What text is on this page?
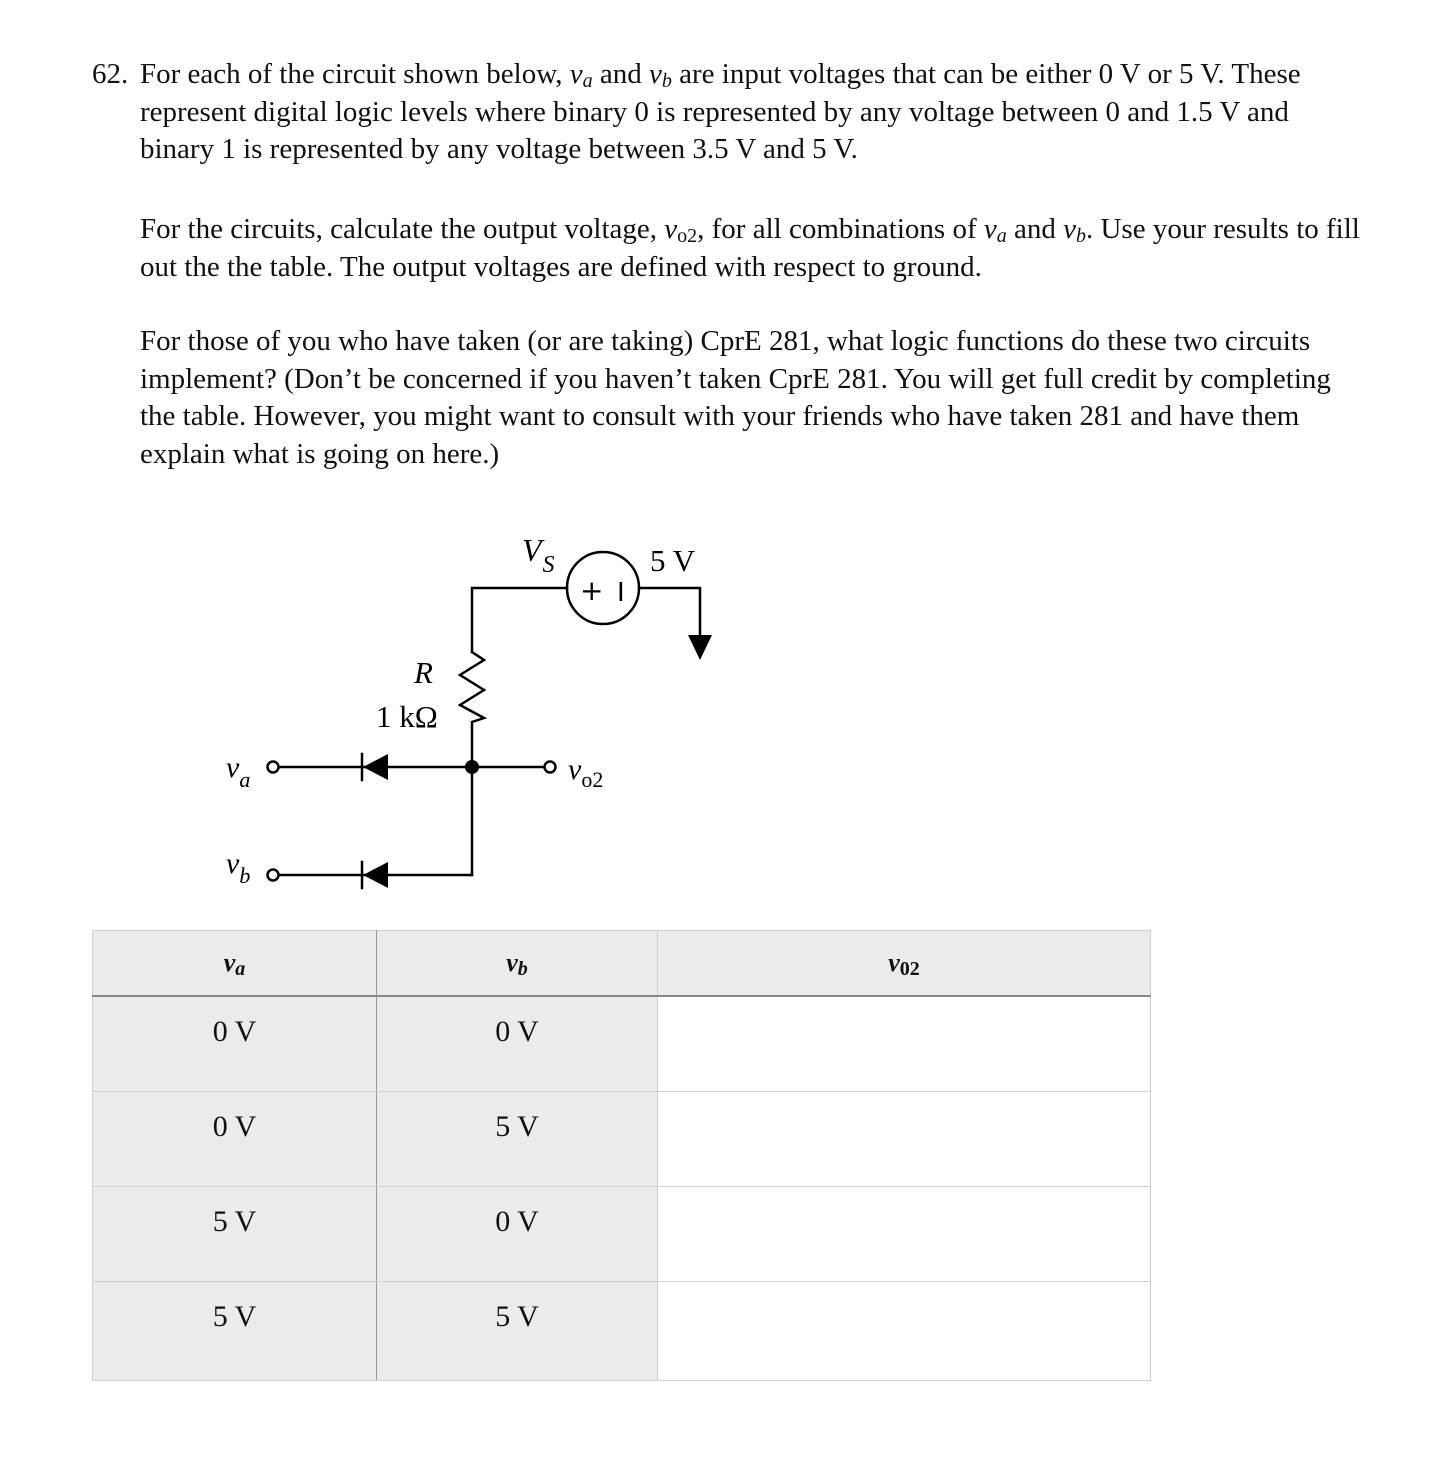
62. For each of the circuit shown below, $v_a$ and $v_b$ are input voltages that can be either 0 V or 5 V. These represent digital logic levels where binary 0 is represented by any voltage between 0 and 1.5 V and binary 1 is represented by any voltage between 3.5 V and 5 V.
For the circuits, calculate the output voltage, $v_{o2}$, for all combinations of $v_a$ and $v_b$. Use your results to fill out the the table. The output voltages are defined with respect to ground.
For those of you who have taken (or are taking) CprE 281, what logic functions do these two circuits implement? (Don’t be concerned if you haven’t taken CprE 281. You will get full credit by completing the table. However, you might want to consult with your friends who have taken 281 and have them explain what is going on here.)
+ I
$V_S$	5 V
R
1 kΩ
$v_a$
$v_b$
$v_{o2}$
$v_a$	$v_b$	$v_{02}$
0 V	0 V	
0 V	5 V	
5 V	0 V	
5 V	5 V	
